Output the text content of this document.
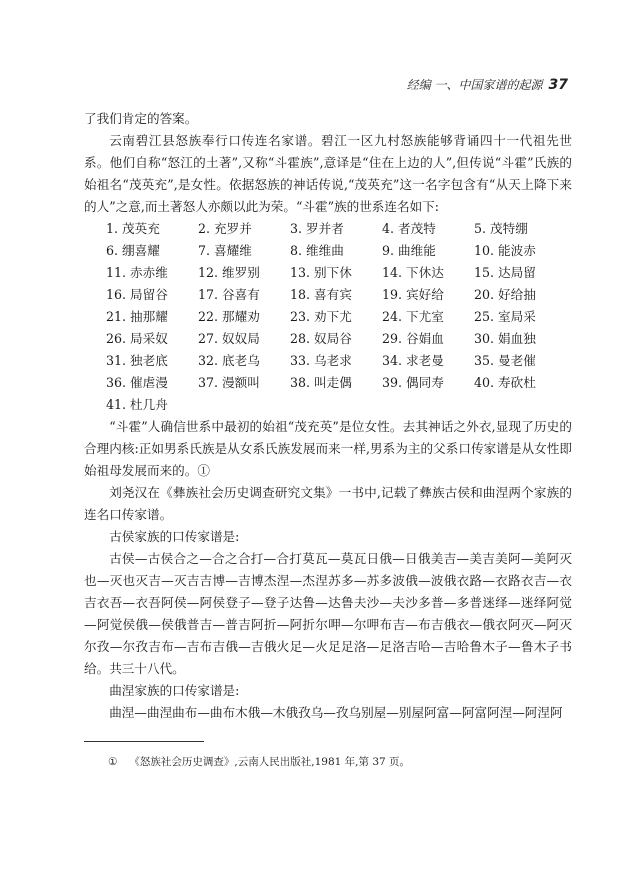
经编 一、中国家谱的起源 37

了我们肯定的答案。

云南碧江县怒族奉行口传连名家谱。碧江一区九村怒族能够背诵四十一代祖先世系。他们自称“怒江的土著”,又称“斗霍族”,意译是“住在上边的人”,但传说“斗霍”氏族的始祖名“茂英充”,是女性。依据怒族的神话传说,“茂英充”这一名字包含有“从天上降下来的人”之意,而土著怒人亦颇以此为荣。“斗霍”族的世系连名如下:

1. 茂英充	2. 充罗并	3. 罗并者	4. 者茂特	5. 茂特绷
6. 绷喜耀	7. 喜耀维	8. 维维曲	9. 曲维能	10. 能波赤
11. 赤赤维	12. 维罗别	13. 别下休	14. 下休达	15. 达局留
16. 局留谷	17. 谷喜有	18. 喜有宾	19. 宾好给	20. 好给抽
21. 抽那耀	22. 那耀劝	23. 劝下尤	24. 下尤室	25. 室局采
26. 局采奴	27. 奴奴局	28. 奴局谷	29. 谷娟血	30. 娟血独
31. 独老底	32. 底老乌	33. 乌老求	34. 求老曼	35. 曼老催
36. 催虐漫	37. 漫额叫	38. 叫走偶	39. 偶同寿	40. 寿砍杜
41. 杜几舟

“斗霍”人确信世系中最初的始祖“茂充英”是位女性。去其神话之外衣,显现了历史的合理内核:正如男系氏族是从女系氏族发展而来一样,男系为主的父系口传家谱是从女性即始祖母发展而来的。①

刘尧汉在《彝族社会历史调查研究文集》一书中,记载了彝族古侯和曲涅两个家族的连名口传家谱。

古侯家族的口传家谱是:

古侯—古侯合之—合之合打—合打莫瓦—莫瓦日俄—日俄美吉—美吉美阿—美阿灭也—灭也灭吉—灭吉吉博—吉博杰涅—杰涅苏多—苏多波俄—波俄衣路—衣路衣吉—衣吉衣吾—衣吾阿侯—阿侯登子—登子达鲁—达鲁夫沙—夫沙多普—多普迷绎—迷绎阿觉—阿觉侯俄—侯俄普吉—普吉阿折—阿折尔呷—尔呷布吉—布吉俄衣—俄衣阿灭—阿灭尔孜—尔孜吉布—吉布吉俄—吉俄火足—火足足洛—足洛吉哈—吉哈鲁木子—鲁木子书给。共三十八代。

曲涅家族的口传家谱是:

曲涅—曲涅曲布—曲布木俄—木俄孜乌—孜乌别屋—别屋阿富—阿富阿涅—阿涅阿

① 《怒族社会历史调查》,云南人民出版社,1981 年,第 37 页。
